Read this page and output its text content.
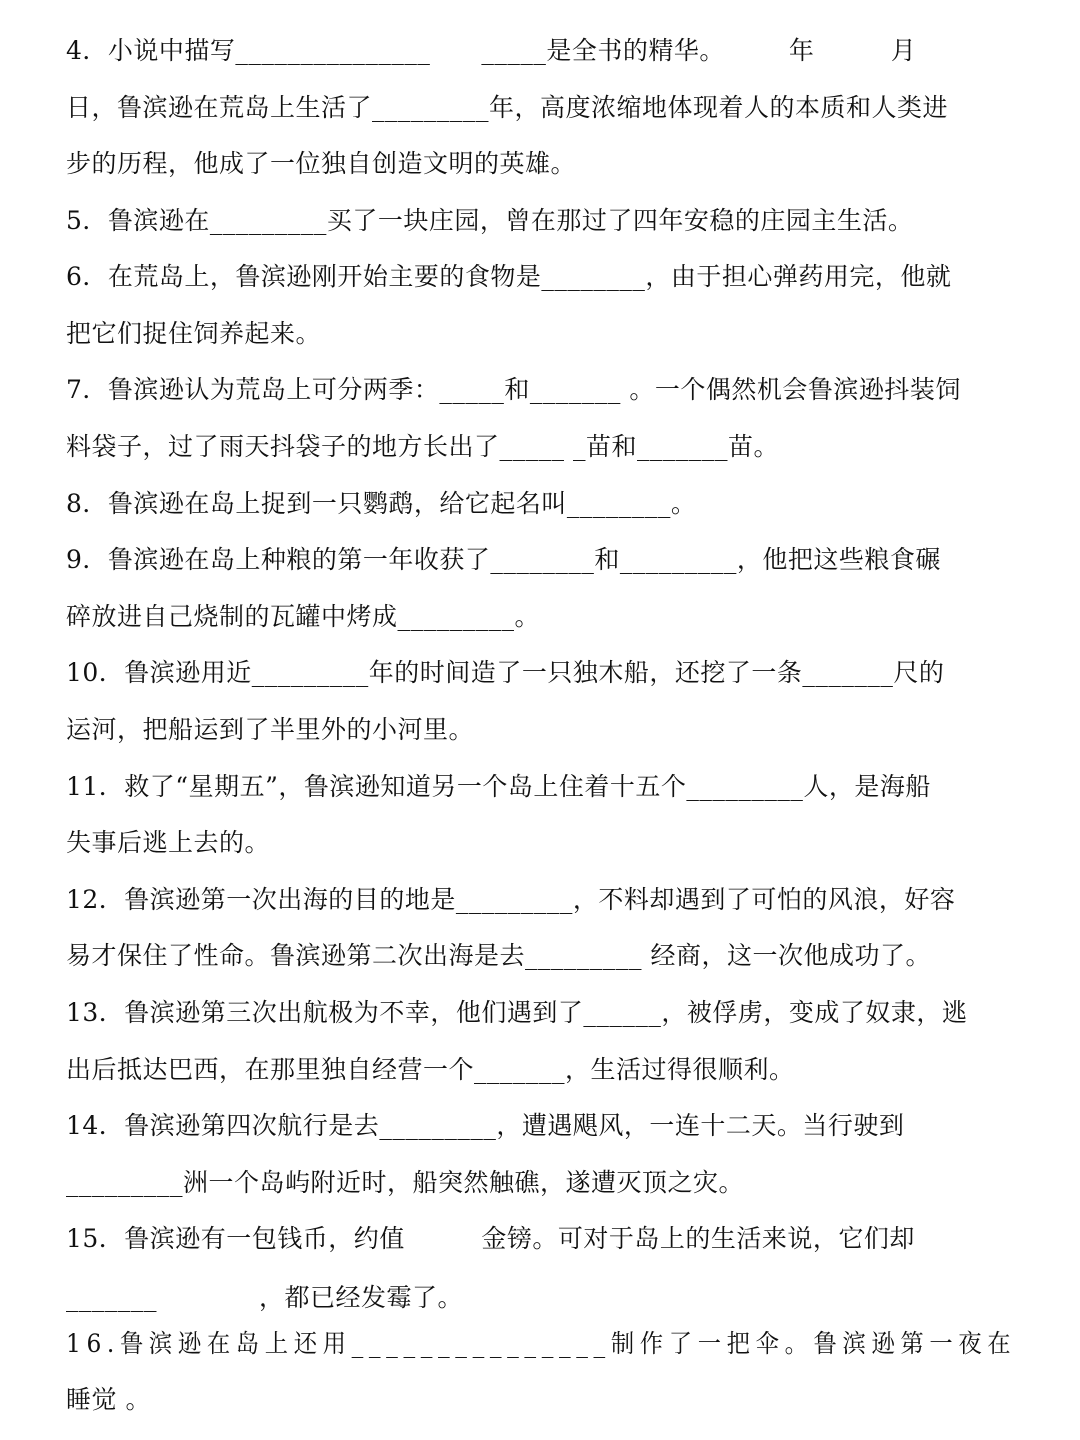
4．小说中描写_______________　　_____是全书的精华。　　　年　　　月
日，鲁滨逊在荒岛上生活了_________年，高度浓缩地体现着人的本质和人类进
步的历程，他成了一位独自创造文明的英雄。
5．鲁滨逊在_________买了一块庄园，曾在那过了四年安稳的庄园主生活。
6．在荒岛上，鲁滨逊刚开始主要的食物是________，由于担心弹药用完，他就
把它们捉住饲养起来。
7．鲁滨逊认为荒岛上可分两季：_____和_______ 。一个偶然机会鲁滨逊抖装饲
料袋子，过了雨天抖袋子的地方长出了_____ _苗和_______苗。
8．鲁滨逊在岛上捉到一只鹦鹉，给它起名叫________。
9．鲁滨逊在岛上种粮的第一年收获了________和_________，他把这些粮食碾
碎放进自己烧制的瓦罐中烤成_________。
10．鲁滨逊用近_________年的时间造了一只独木船，还挖了一条_______尺的
运河，把船运到了半里外的小河里。
11．救了“星期五”，鲁滨逊知道另一个岛上住着十五个_________人，是海船
失事后逃上去的。
12．鲁滨逊第一次出海的目的地是_________，不料却遇到了可怕的风浪，好容
易才保住了性命。鲁滨逊第二次出海是去_________ 经商，这一次他成功了。
13．鲁滨逊第三次出航极为不幸，他们遇到了______，被俘虏，变成了奴隶，逃
出后抵达巴西，在那里独自经营一个_______，生活过得很顺利。
14．鲁滨逊第四次航行是去_________，遭遇飓风，一连十二天。当行驶到
_________洲一个岛屿附近时，船突然触礁，遂遭灭顶之灾。
15．鲁滨逊有一包钱币，约值　　　金镑。可对于岛上的生活来说，它们却
_______　　　　，都已经发霉了。
16.鲁滨逊在岛上还用_______________制作了一把伞。鲁滨逊第一夜在
睡觉 。
